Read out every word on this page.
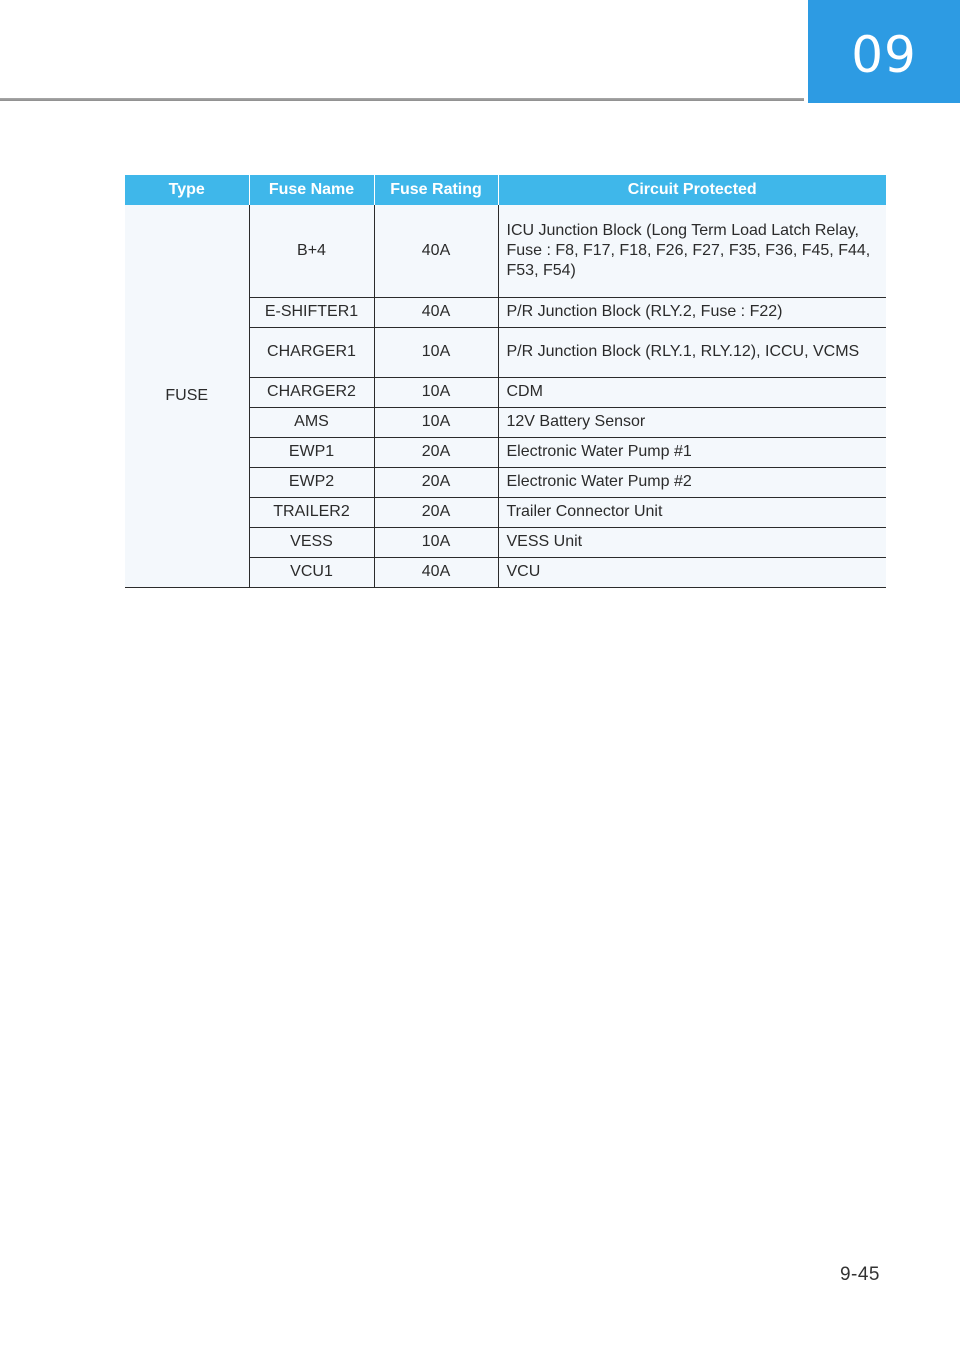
09
Type	Fuse Name	Fuse Rating	Circuit Protected
FUSE	B+4	40A	ICU Junction Block (Long Term Load Latch Relay, Fuse : F8, F17, F18, F26, F27, F35, F36, F45, F44, F53, F54)
	E-SHIFTER1	40A	P/R Junction Block (RLY.2, Fuse : F22)
	CHARGER1	10A	P/R Junction Block (RLY.1, RLY.12), ICCU, VCMS
	CHARGER2	10A	CDM
	AMS	10A	12V Battery Sensor
	EWP1	20A	Electronic Water Pump #1
	EWP2	20A	Electronic Water Pump #2
	TRAILER2	20A	Trailer Connector Unit
	VESS	10A	VESS Unit
	VCU1	40A	VCU
9-45
